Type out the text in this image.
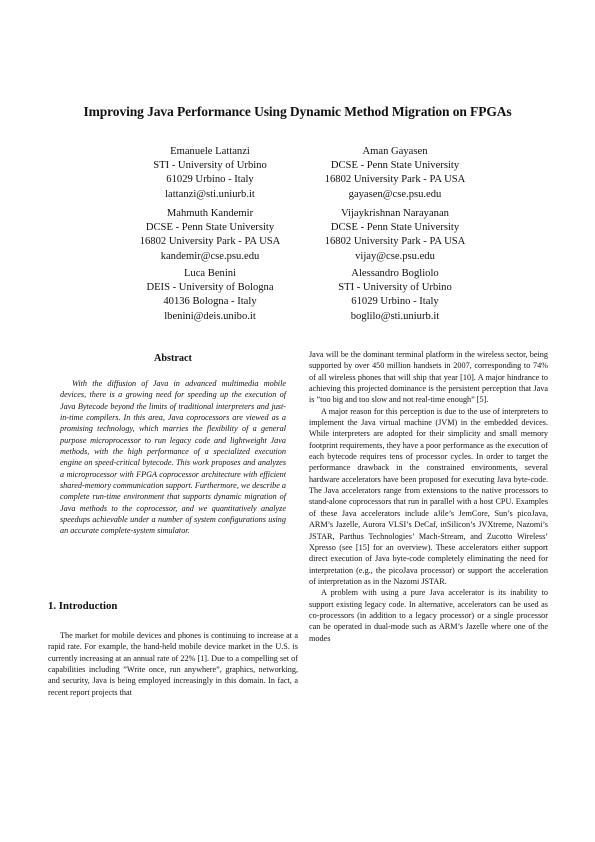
Improving Java Performance Using Dynamic Method Migration on FPGAs
Emanuele Lattanzi
STI - University of Urbino
61029 Urbino - Italy
lattanzi@sti.uniurb.it
Aman Gayasen
DCSE - Penn State University
16802 University Park - PA USA
gayasen@cse.psu.edu
Mahmuth Kandemir
DCSE - Penn State University
16802 University Park - PA USA
kandemir@cse.psu.edu
Vijaykrishnan Narayanan
DCSE - Penn State University
16802 University Park - PA USA
vijay@cse.psu.edu
Luca Benini
DEIS - University of Bologna
40136 Bologna - Italy
lbenini@deis.unibo.it
Alessandro Bogliolo
STI - University of Urbino
61029 Urbino - Italy
boglilo@sti.uniurb.it
Abstract

With the diffusion of Java in advanced multimedia mobile devices, there is a growing need for speeding up the execution of Java Bytecode beyond the limits of traditional interpreters and just-in-time compilers. In this area, Java coprocessors are viewed as a promising technology, which marries the flexibility of a general purpose microprocessor to run legacy code and lightweight Java methods, with the high performance of a specialized execution engine on speed-critical bytecode. This work proposes and analyzes a microprocessor with FPGA coprocessor architecture with efficient shared-memory communication support. Furthermore, we describe a complete run-time environment that supports dynamic migration of Java methods to the coprocessor, and we quantitatively analyze speedups achievable under a number of system configurations using an accurate complete-system simulator.

1. Introduction

The market for mobile devices and phones is continuing to increase at a rapid rate. For example, the hand-held mobile device market in the U.S. is currently increasing at an annual rate of 22% [1]. Due to a compelling set of capabilities including ”Write once, run anywhere”, graphics, networking, and security, Java is being employed increasingly in this domain. In fact, a recent report projects that

Java will be the dominant terminal platform in the wireless sector, being supported by over 450 million handsets in 2007, corresponding to 74% of all wireless phones that will ship that year [10]. A major hindrance to achieving this projected dominance is the persistent perception that Java is ”too big and too slow and not real-time enough” [5].

A major reason for this perception is due to the use of interpreters to implement the Java virtual machine (JVM) in the embedded devices. While interpreters are adopted for their simplicity and small memory footprint requirements, they have a poor performance as the execution of each bytecode requires tens of processor cycles. In order to target the performance drawback in the constrained environments, several hardware accelerators have been proposed for executing Java byte-code. The Java accelerators range from extensions to the native processors to stand-alone coprocessors that run in parallel with a host CPU. Examples of these Java accelerators include aJile’s JemCore, Sun’s picoJava, ARM’s Jazelle, Aurora VLSI’s DeCaf, inSilicon’s JVXtreme, Nazomi’s JSTAR, Parthus Technologies’ Mach-Stream, and Zucotto Wireless’ Xpresso (see [15] for an overview). These accelerators either support direct execution of Java byte-code completely eliminating the need for interpretation (e.g., the picoJava processor) or support the acceleration of interpretation as in the Nazomi JSTAR.

A problem with using a pure Java accelerator is its inability to support existing legacy code. In alternative, accelerators can be used as co-processors (in addition to a legacy processor) or a single processor can be operated in dual-mode such as ARM’s Jazelle where one of the modes
